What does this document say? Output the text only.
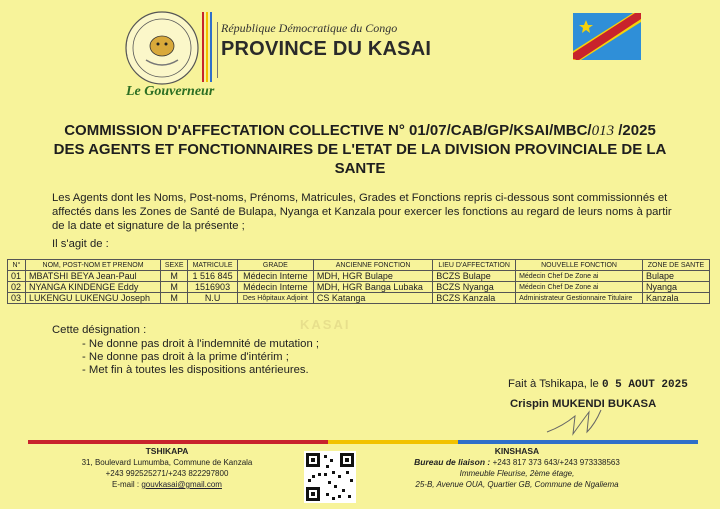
République Démocratique du Congo
PROVINCE DU KASAI
Le Gouverneur
COMMISSION D'AFFECTATION COLLECTIVE N° 01/07/CAB/GP/KSAI/MBC/013 /2025
DES AGENTS ET FONCTIONNAIRES DE L'ETAT DE LA DIVISION PROVINCIALE DE LA
SANTE
KASAI
Les Agents dont les Noms, Post-noms, Prénoms, Matricules, Grades et Fonctions repris ci-dessous sont commissionnés et affectés dans les Zones de Santé de Bulapa, Nyanga et Kanzala pour exercer les fonctions au regard de leurs noms à partir de la date et signature de la présente ;
Il s'agit de :
N°	NOM, POST-NOM ET PRENOM	SEXE	MATRICULE	GRADE	ANCIENNE FONCTION	LIEU D'AFFECTATION	NOUVELLE FONCTION	ZONE DE SANTE
01	MBATSHI BEYA Jean-Paul	M	1 516 845	Médecin Interne	MDH, HGR Bulape	BCZS Bulape	Médecin Chef De Zone ai	Bulape
02	NYANGA KINDENGE Eddy	M	1516903	Médecin Interne	MDH, HGR Banga Lubaka	BCZS Nyanga	Médecin Chef De Zone ai	Nyanga
03	LUKENGU LUKENGU Joseph	M	N.U	Des Hôpitaux Adjoint	CS Katanga	BCZS Kanzala	Administrateur Gestionnaire Titulaire	Kanzala
Cette désignation :
- Ne donne pas droit à l'indemnité de mutation ;
- Ne donne pas droit à la prime d'intérim ;
- Met fin à toutes les dispositions antérieures.
Fait à Tshikapa, le 0 5 AOUT 2025
Crispin MUKENDI BUKASA
TSHIKAPA
31, Boulevard Lumumba, Commune de Kanzala
+243 992525271/+243 822297800
E-mail : gouvkasai@gmail.com
KINSHASA
Bureau de liaison : +243 817 373 643/+243 973338563
Immeuble Fleurise, 2ème étage,
25-B, Avenue OUA, Quartier GB, Commune de Ngaliema
